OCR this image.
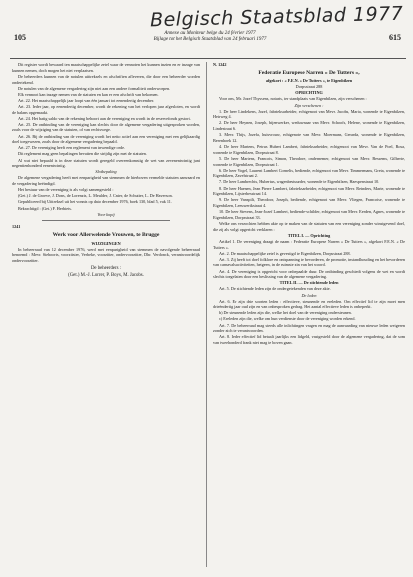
Belgisch Staatsblad 1977
105	Annexe au Moniteur belge du 24 février 1977
Bijlage tot het Belgisch Staatsblad van 24 februari 1977	615

Dit register wordt bewaard ten maatschappelijke zetel waar de vennoten het kunnen inzien en er inzage van kunnen nemen, doch mogen het niet verplaatsen.

De beheerders kunnen van de notulen uittreksels en afschriften afleveren, die door een beheerder worden ondertekend.

De notulen van de algemene vergadering zijn niet aan een andere formaliteit onderworpen.

Elk vennoot kan inzage nemen van de statuten en kan er een afschrift van bekomen.

Art. 22. Het maatschappelijk jaar loopt van één januari tot eenendertig december.

Art. 23. Ieder jaar, op eenendertig december, wordt de rekening van het verlopen jaar afgesloten, en wordt de balans opgemaakt.

Art. 24. Het batig saldo van de rekening behoort aan de vereniging en wordt in de reservefonds gestort.

Art. 25. De ontbinding van de vereniging kan slechts door de algemene vergadering uitgesproken worden, zoals voor de wijziging van de statuten, of van rechtswege.

Art. 26. Bij de ontbinding van de vereniging wordt het netto actief aan een vereniging met een gelijkaardig doel toegewezen, zoals door de algemene vergadering bepaald.

Art. 27. De vereniging heeft een reglement van inwendige orde.

Dit reglement mag geen bepalingen bevatten die strijdig zijn met de statuten.

Al wat niet bepaald is in deze statuten wordt geregeld overeenkomstig de wet van zevenentwintig juni negentienhonderd eenentwintig.

Slotbepaling

De algemene vergadering heeft met eenparigheid van stemmen de hierboven vermelde statuten aanvaard en de vergadering beëindigd.

Het bestuur van de vereniging is als volgt samengesteld :

(Get.) J. de Groeve, J. Dons, de Lorenzis, L. Meulder, J. Cnier, de Schutter, L. De Haverson.

Gepubliceerd bij Uittreksel uit het vonnis op dato december 1976, boek 130, blad 5, vak 11.

Bekrachtigd : (Get.) F. Herbiets.

Voor kopij

1241

Werk voor Allerwelende Vrouwen, te Brugge

WIJZIGINGEN

In beheerraad van 12 december 1976, werd met eenparigheid van stemmen de navolgende beheerraad benoemd : Mevr. Sieboorts, voorzitster, Verbeke, voorzitter, ondervoorzitter, Dhr. Verdonck, verantwoordelijk ondervoorzitter.

De beheerders :

(Get.) M.-J. Lorrer, P. Boys, M. Jacobs.

N. 1242

Federatie Europese Narren « De Tutters »,

afgekort : « F.E.N. » De Tutters », te Eigenbilzen

Dorpsstraat 288

OPRICHTING

Voor ons, Mr. Jozef Thyssens, notaris, ter standplaats van Eigenbilzen, zijn verschenen :

Zijn verschenen :

1. De heer Lindekens, Jozef, fabrieksarbeider, echtgenoot van Mevr. Jacobs, Maria, wonende te Eigenbilzen, Heirweg 4.

2. De heer Heynen, Joseph, bijenwerker, weduwnaar van Mevr. Schoofs, Helene, wonende te Eigenbilzen, Lindestraat 6.

3. Mevr. Thijs, Jozefa, huisvrouw, echtgenote van Mevr. Moermans, Gerarda, wonende te Eigenbilzen, Berenhoek 12.

4. De heer Martens, Petrus Hubert Lambert, fabrieksarbeider, echtgenoot van Mevr. Van de Poel, Rosa, wonende te Eigenbilzen, Dorpsstraat 8.

5. De heer Martens, Francois, Simon, Theodore, ondernemer, echtgenoot van Mevr. Bessems, Gilberte, wonende te Eigenbilzen, Dorpsstraat 1.

6. De heer Vogel, Laurent Lambert Cornelis, bediende, echtgenoot van Mevr. Timmermans, Greta, wonende te Eigenbilzen, Zavelstraat 2.

7. De heer Lambrechts, Hubertus, wagenbestuurder, wonende te Eigenbilzen, Haespenstraat 10.

8. De heer Haenen, Jean Pierre Lambert, fabrieksarbeider, echtgenoot van Mevr. Reinders, Marie, wonende te Eigenbilzen, Lijsterbesstraat 14.

9. De heer Vanspilt, Theodoor, Joseph, bediende, echtgenoot van Mevr. Vliegen, Francoise, wonende te Eigenbilzen, Leeuwerikstraat 4.

10. De heer Stevens, Jean-Jozef Lambert, bediende-schilder, echtgenoot van Mevr. Eerden, Agnes, wonende te Eigenbilzen, Dorpsstraat 33.

Welke ons verzochten hebben akte op te maken van de statuten van een vereniging zonder winstgevend doel, die zij als volgt opgericht verklaren :

TITEL I. — Oprichting

Artikel 1. De vereniging draagt de naam : Federatie Europese Narren « De Tutters », afgekort F.E.N. « De Tutters ».

Art. 2. De maatschappelijke zetel is gevestigd te Eigenbilzen, Dorpsstraat 288.

Art. 3. Zij heeft tot doel folklore en ontspanning te bevorderen, de promotie, instandhouding en het bevorderen van carnavalsactiviteiten, hetgeen, in de ruimste zin van het woord.

Art. 4. De vereniging is opgericht voor onbepaalde duur. De ontbinding geschiedt volgens de wet en wordt slechts toegelaten door een beslissing van de algemene vergadering.

TITEL II. — De stichtende leden

Art. 5. De stichtende leden zijn de ondergetekenden van deze akte.

De leden

Art. 6. Er zijn drie soorten leden : effectieve, steunende en ereleden. Om effectief lid te zijn moet men drieëndertig jaar oud zijn en van onbesproken gedrag. Het aantal effectieve leden is onbeperkt.

b) De steunende leden zijn die, welke het doel van de vereniging ondersteunen.

c) Ereleden zijn die, welke om hun verdienste door de vereniging worden erkend.

Art. 7. De beheerraad mag steeds alle inlichtingen vragen en mag de aanvaarding van nieuwe leden weigeren zonder zich te verantwoorden.

Art. 8. Ieder effectief lid betaalt jaarlijks een lidgeld, vastgesteld door de algemene vergadering, dat de som van tweehonderd frank niet mag te boven gaan.
